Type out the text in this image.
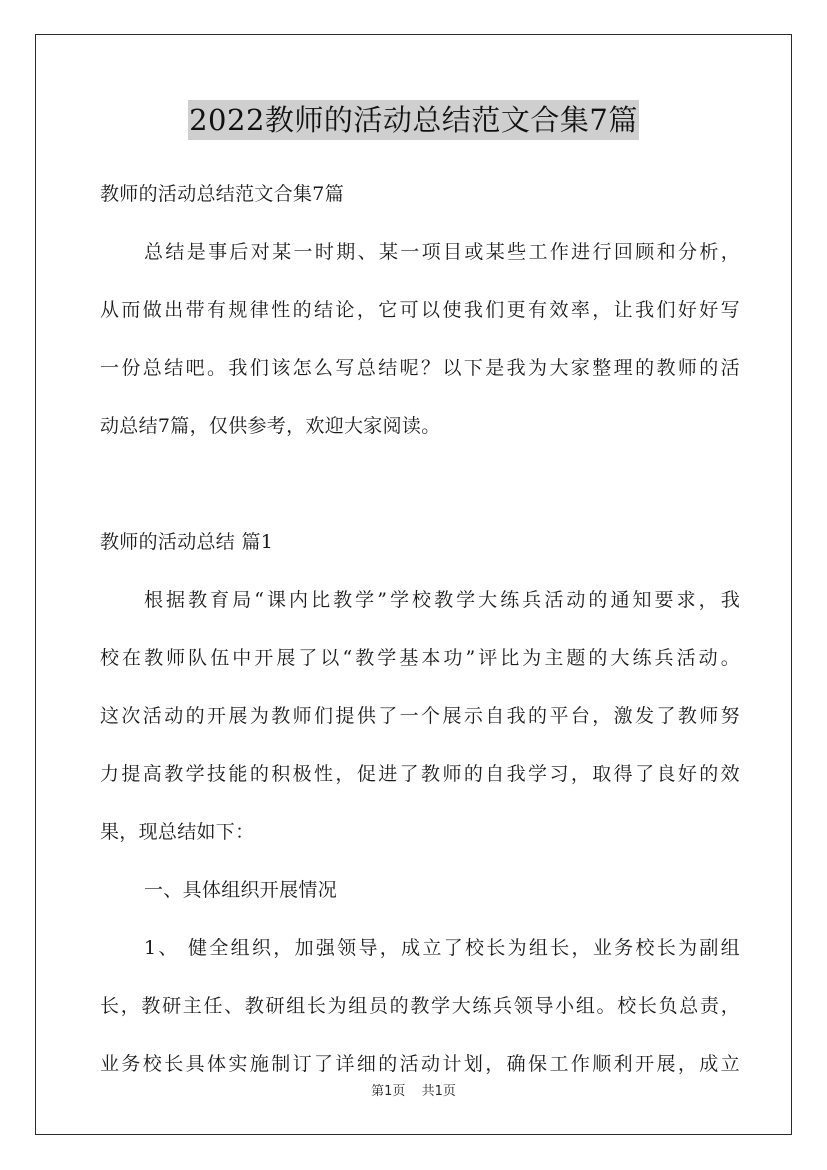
2022教师的活动总结范文合集7篇
教师的活动总结范文合集7篇
总结是事后对某一时期、某一项目或某些工作进行回顾和分析，
从而做出带有规律性的结论，它可以使我们更有效率，让我们好好写
一份总结吧。我们该怎么写总结呢？以下是我为大家整理的教师的活
动总结7篇，仅供参考，欢迎大家阅读。
教师的活动总结 篇1
根据教育局“课内比教学”学校教学大练兵活动的通知要求，我
校在教师队伍中开展了以“教学基本功”评比为主题的大练兵活动。
这次活动的开展为教师们提供了一个展示自我的平台，激发了教师努
力提高教学技能的积极性，促进了教师的自我学习，取得了良好的效
果，现总结如下：
一、具体组织开展情况
1、 健全组织，加强领导，成立了校长为组长，业务校长为副组
长，教研主任、教研组长为组员的教学大练兵领导小组。校长负总责，
业务校长具体实施制订了详细的活动计划，确保工作顺利开展，成立
第1页 共1页
